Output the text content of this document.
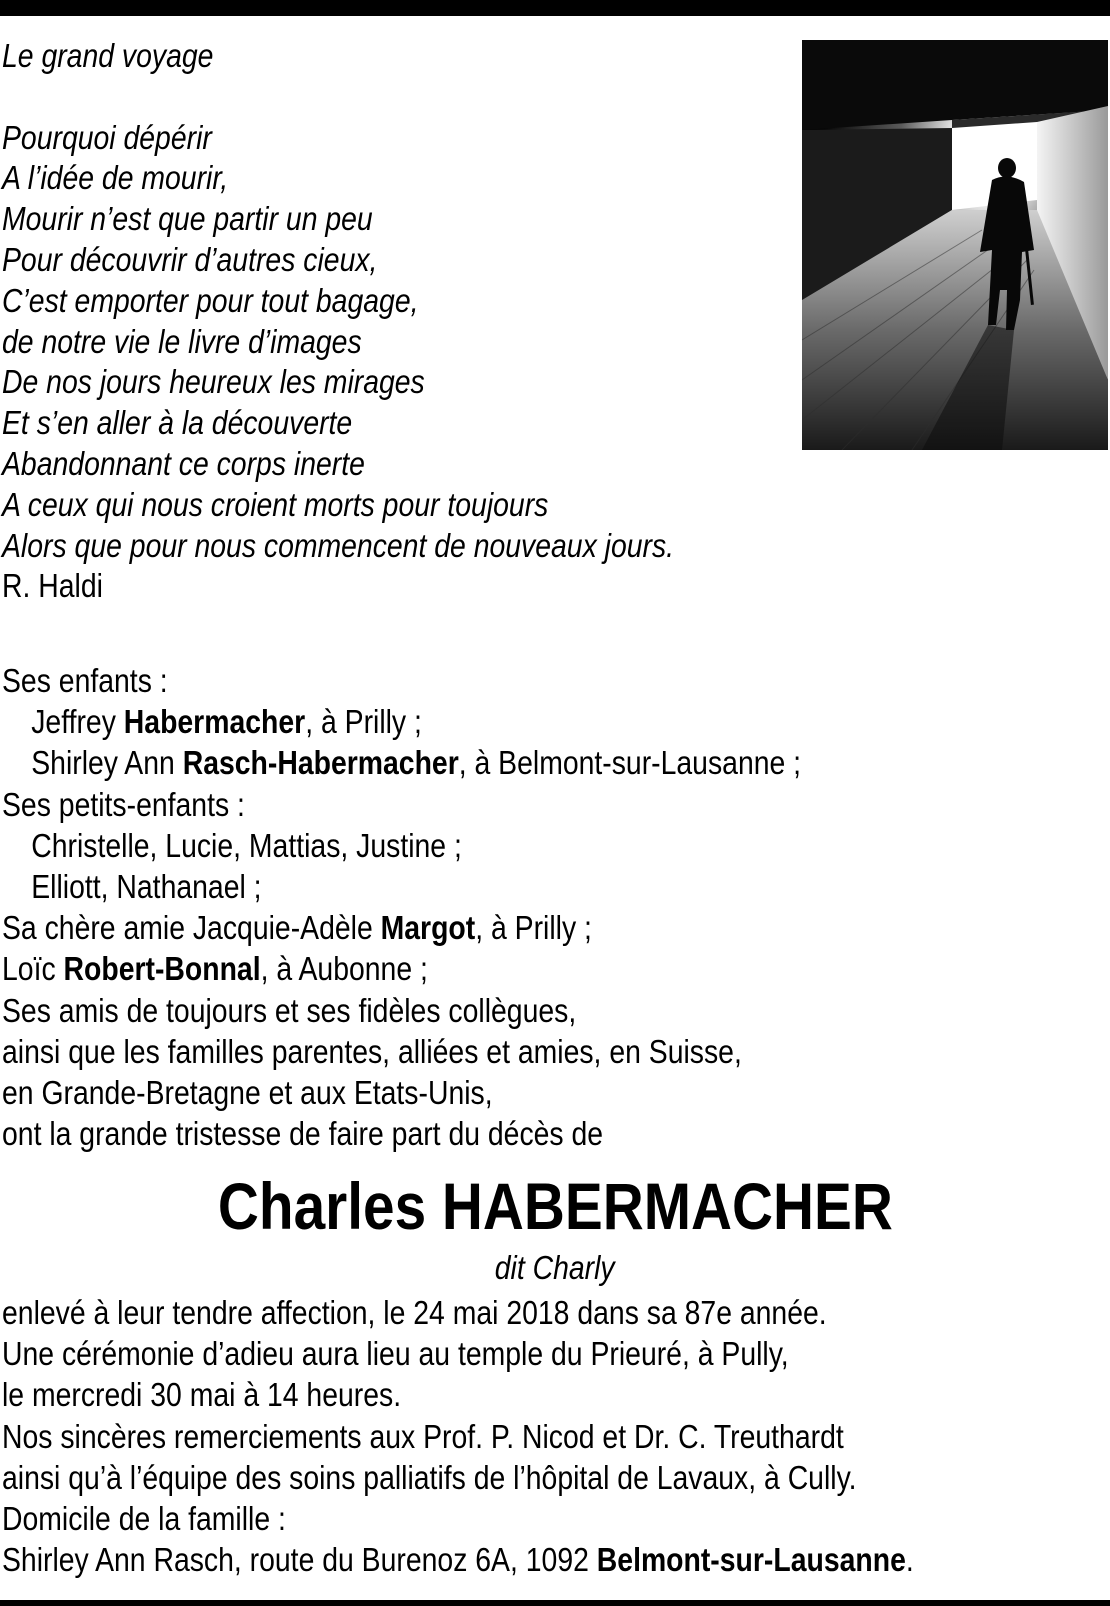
Le grand voyage
Pourquoi dépérir
A l’idée de mourir,
Mourir n’est que partir un peu
Pour découvrir d’autres cieux,
C’est emporter pour tout bagage,
de notre vie le livre d’images
De nos jours heureux les mirages
Et s’en aller à la découverte
Abandonnant ce corps inerte
A ceux qui nous croient morts pour toujours
Alors que pour nous commencent de nouveaux jours.
R. Haldi
Ses enfants :
Jeffrey Habermacher, à Prilly ;
Shirley Ann Rasch-Habermacher, à Belmont-sur-Lausanne ;
Ses petits-enfants :
Christelle, Lucie, Mattias, Justine ;
Elliott, Nathanael ;
Sa chère amie Jacquie-Adèle Margot, à Prilly ;
Loïc Robert-Bonnal, à Aubonne ;
Ses amis de toujours et ses fidèles collègues,
ainsi que les familles parentes, alliées et amies, en Suisse,
en Grande-Bretagne et aux Etats-Unis,
ont la grande tristesse de faire part du décès de
Charles HABERMACHER
dit Charly
enlevé à leur tendre affection, le 24 mai 2018 dans sa 87e année.
Une cérémonie d’adieu aura lieu au temple du Prieuré, à Pully,
le mercredi 30 mai à 14 heures.
Nos sincères remerciements aux Prof. P. Nicod et Dr. C. Treuthardt
ainsi qu’à l’équipe des soins palliatifs de l’hôpital de Lavaux, à Cully.
Domicile de la famille :
Shirley Ann Rasch, route du Burenoz 6A, 1092 Belmont-sur-Lausanne.
